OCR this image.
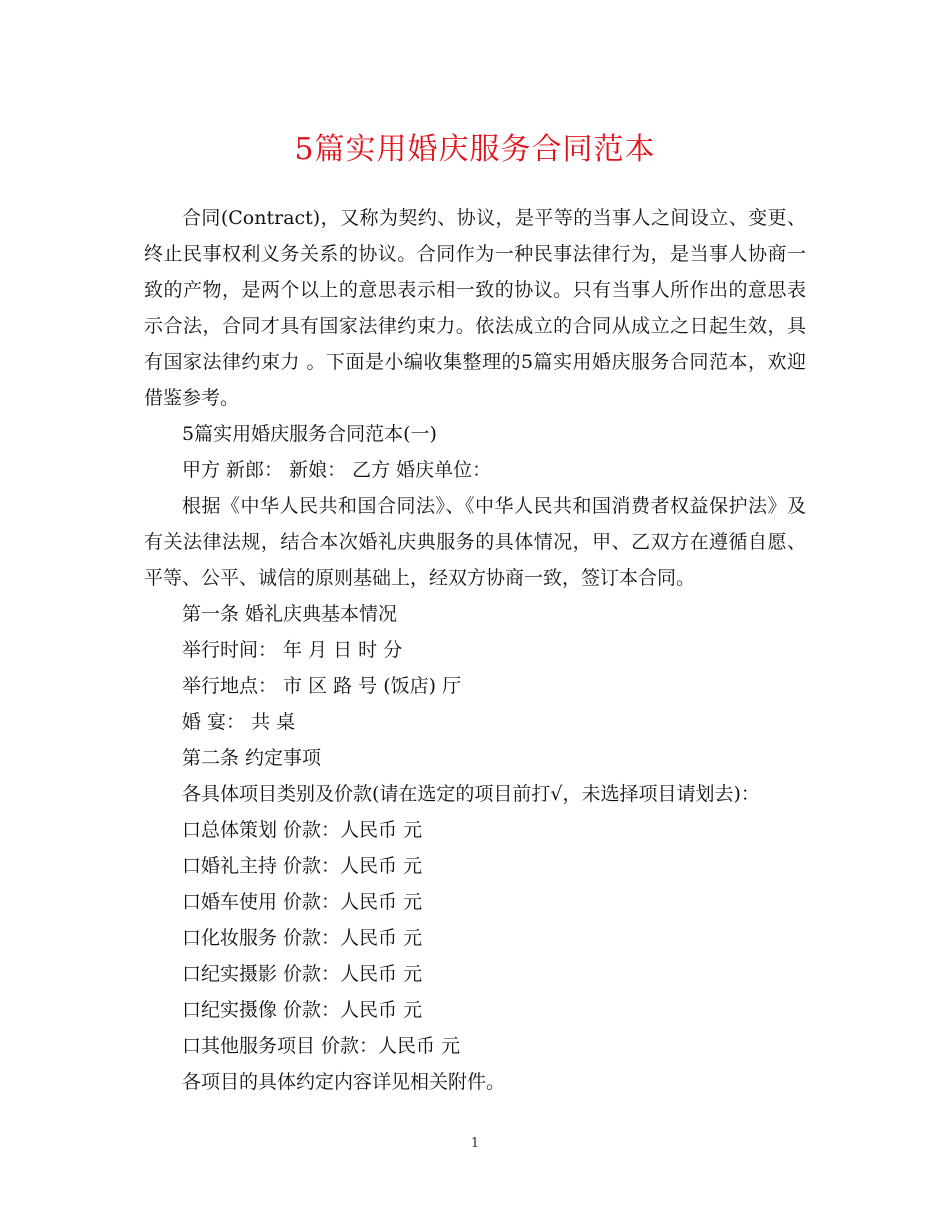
5篇实用婚庆服务合同范本

合同(Contract)，又称为契约、协议，是平等的当事人之间设立、变更、终止民事权利义务关系的协议。合同作为一种民事法律行为，是当事人协商一致的产物，是两个以上的意思表示相一致的协议。只有当事人所作出的意思表示合法，合同才具有国家法律约束力。依法成立的合同从成立之日起生效，具有国家法律约束力 。下面是小编收集整理的5篇实用婚庆服务合同范本，欢迎借鉴参考。

5篇实用婚庆服务合同范本(一)

甲方 新郎： 新娘： 乙方 婚庆单位：

根据《中华人民共和国合同法》、《中华人民共和国消费者权益保护法》及有关法律法规，结合本次婚礼庆典服务的具体情况，甲、乙双方在遵循自愿、平等、公平、诚信的原则基础上，经双方协商一致，签订本合同。

第一条 婚礼庆典基本情况

举行时间： 年 月 日 时 分

举行地点： 市 区 路 号 (饭店) 厅

婚 宴： 共 桌

第二条 约定事项

各具体项目类别及价款(请在选定的项目前打√，未选择项目请划去)：

口总体策划 价款：人民币 元

口婚礼主持 价款：人民币 元

口婚车使用 价款：人民币 元

口化妆服务 价款：人民币 元

口纪实摄影 价款：人民币 元

口纪实摄像 价款：人民币 元

口其他服务项目 价款：人民币 元

各项目的具体约定内容详见相关附件。

1
